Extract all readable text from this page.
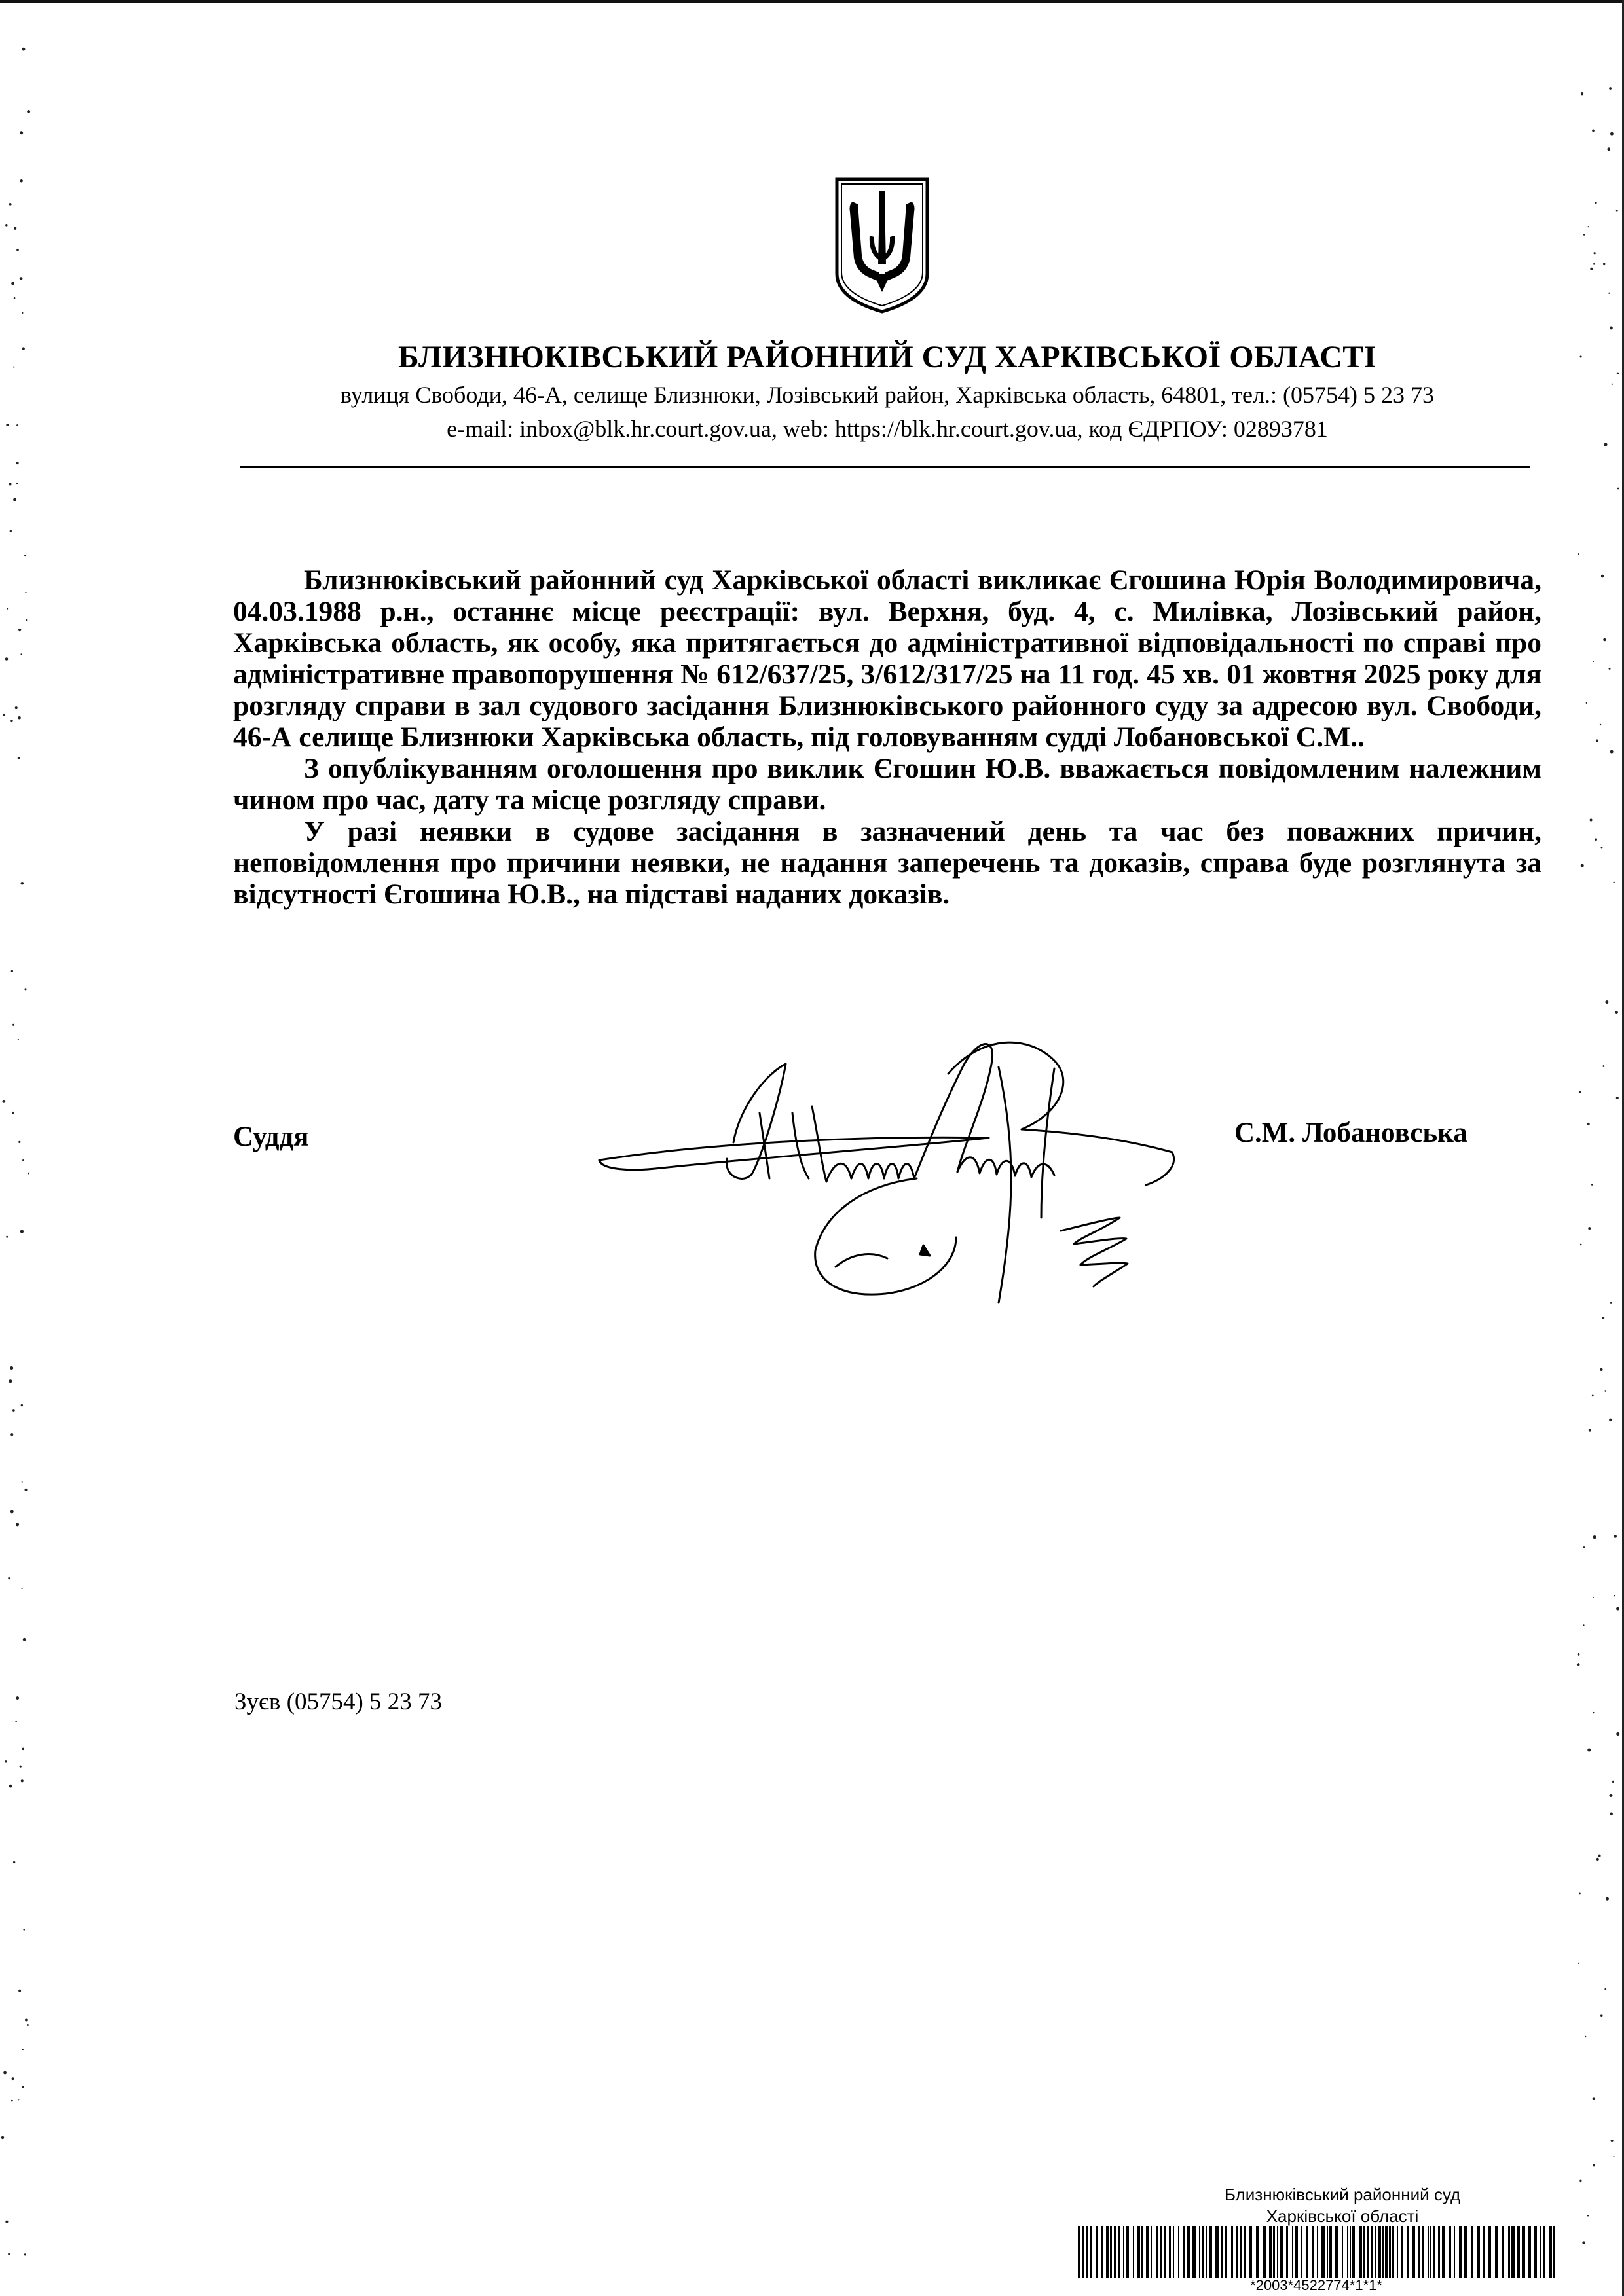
БЛИЗНЮКІВСЬКИЙ РАЙОННИЙ СУД ХАРКІВСЬКОЇ ОБЛАСТІ
вулиця Свободи, 46-А, селище Близнюки, Лозівський район, Харківська область, 64801, тел.: (05754) 5 23 73
e-mail: inbox@blk.hr.court.gov.ua, web: https://blk.hr.court.gov.ua, код ЄДРПОУ: 02893781

Близнюківський районний суд Харківської області викликає Єгошина Юрія Володимировича, 04.03.1988 р.н., останнє місце реєстрації: вул. Верхня, буд. 4, с. Милівка, Лозівський район, Харківська область, як особу, яка притягається до адміністративної відповідальності по справі про адміністративне правопорушення № 612/637/25, 3/612/317/25 на 11 год. 45 хв. 01 жовтня 2025 року для розгляду справи в зал судового засідання Близнюківського районного суду за адресою вул. Свободи, 46-А селище Близнюки Харківська область, під головуванням судді Лобановської С.М..

З опублікуванням оголошення про виклик Єгошин Ю.В. вважається повідомленим належним чином про час, дату та місце розгляду справи.

У разі неявки в судове засідання в зазначений день та час без поважних причин, неповідомлення про причини неявки, не надання заперечень та доказів, справа буде розглянута за відсутності Єгошина Ю.В., на підставі наданих доказів.

Суддя	С.М. Лобановська
Зуєв (05754) 5 23 73
Близнюківський районний суд
Харківської області
*2003*4522774*1*1*
